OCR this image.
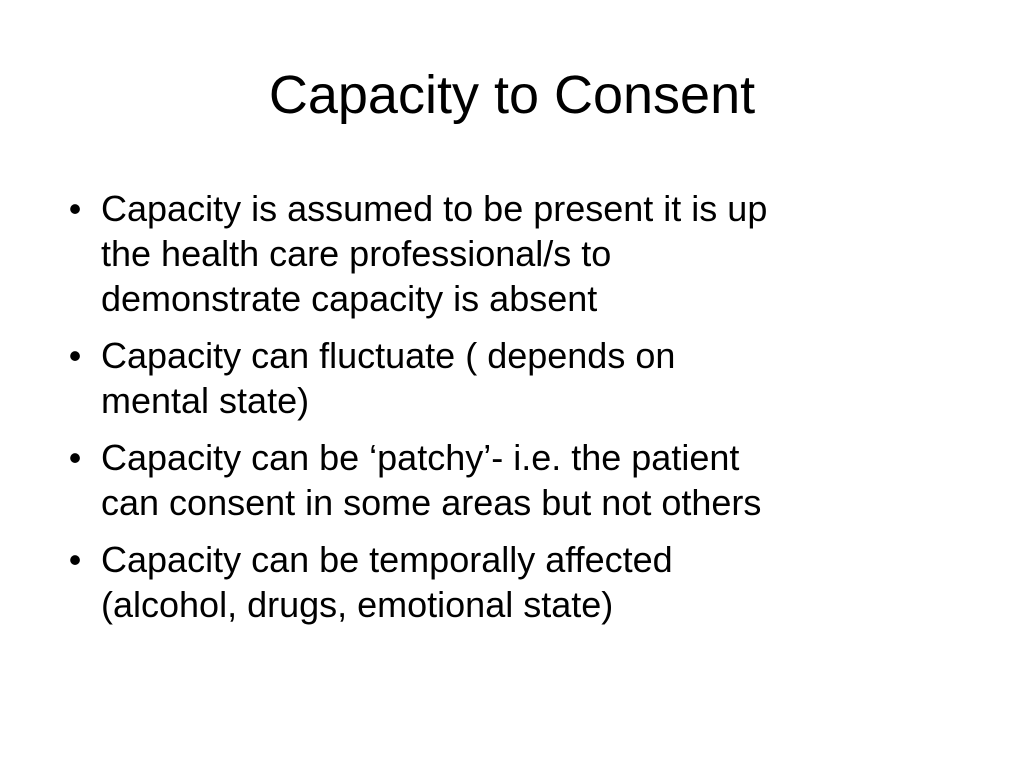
Capacity to Consent
• Capacity is assumed to be present it is up
the health care professional/s to
demonstrate capacity is absent
• Capacity can fluctuate ( depends on
mental state)
• Capacity can be ‘patchy’- i.e. the patient
can consent in some areas but not others
• Capacity can be temporally affected
(alcohol, drugs, emotional state)
